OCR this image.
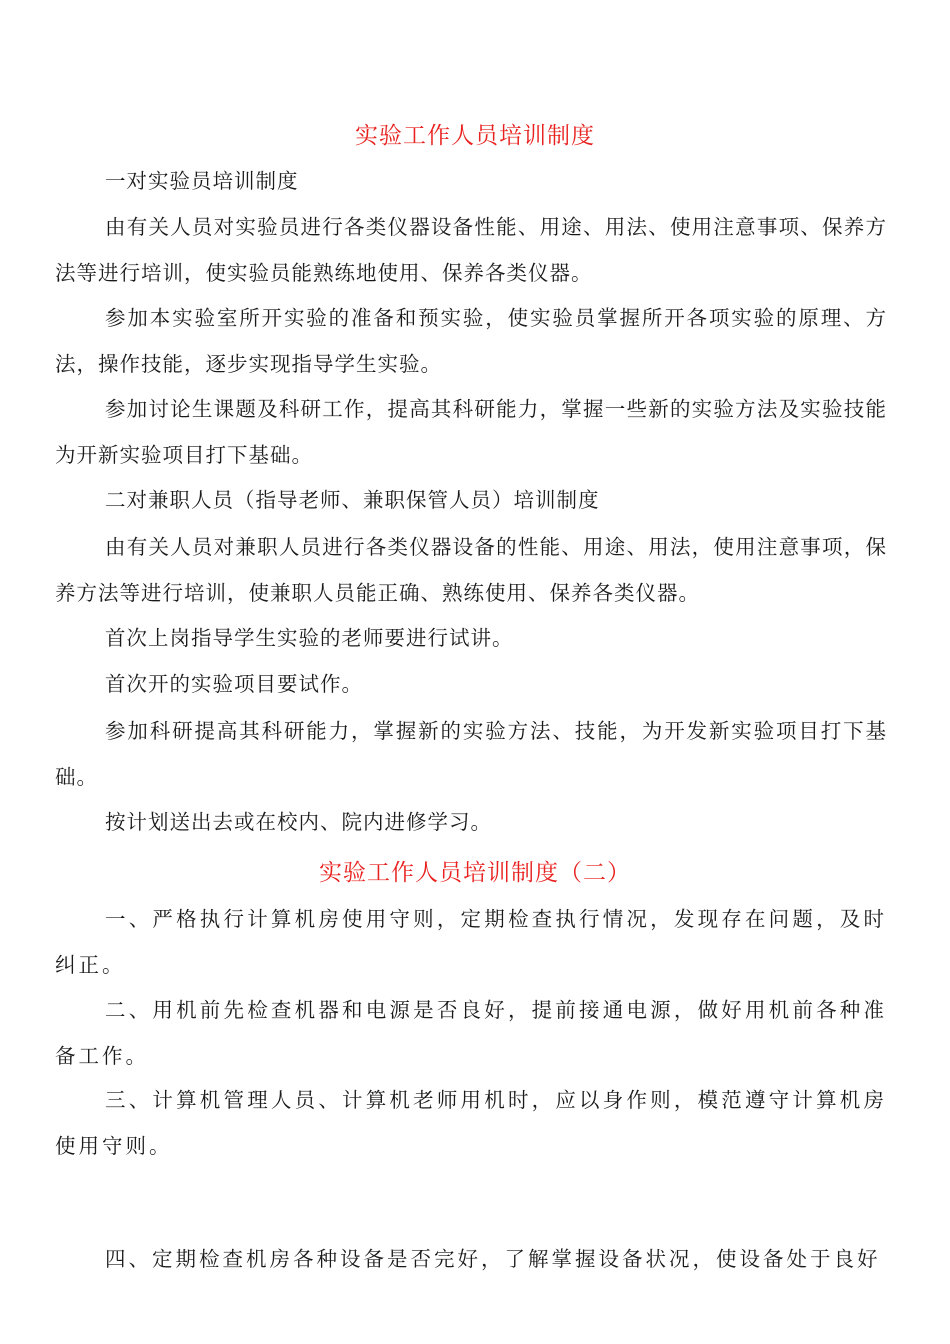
实验工作人员培训制度

一对实验员培训制度

由有关人员对实验员进行各类仪器设备性能、用途、用法、使用注意事项、保养方法等进行培训，使实验员能熟练地使用、保养各类仪器。

参加本实验室所开实验的准备和预实验，使实验员掌握所开各项实验的原理、方法，操作技能，逐步实现指导学生实验。

参加讨论生课题及科研工作，提高其科研能力，掌握一些新的实验方法及实验技能为开新实验项目打下基础。

二对兼职人员（指导老师、兼职保管人员）培训制度

由有关人员对兼职人员进行各类仪器设备的性能、用途、用法，使用注意事项，保养方法等进行培训，使兼职人员能正确、熟练使用、保养各类仪器。

首次上岗指导学生实验的老师要进行试讲。

首次开的实验项目要试作。

参加科研提高其科研能力，掌握新的实验方法、技能，为开发新实验项目打下基础。

按计划送出去或在校内、院内进修学习。

实验工作人员培训制度（二）

一、严格执行计算机房使用守则，定期检查执行情况，发现存在问题，及时纠正。

二、用机前先检查机器和电源是否良好，提前接通电源，做好用机前各种准备工作。

三、计算机管理人员、计算机老师用机时，应以身作则，模范遵守计算机房使用守则。

四、定期检查机房各种设备是否完好，了解掌握设备状况，使设备处于良好
